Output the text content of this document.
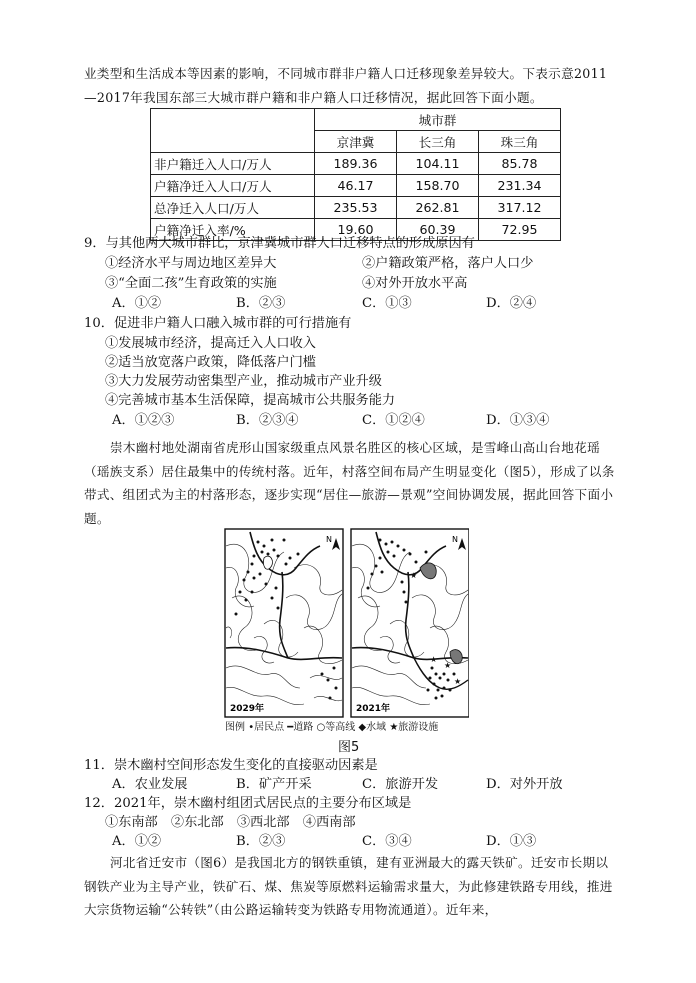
业类型和生活成本等因素的影响，不同城市群非户籍人口迁移现象差异较大。下表示意2011—2017年我国东部三大城市群户籍和非户籍人口迁移情况，据此回答下面小题。
	城市群		
	京津冀	长三角	珠三角
非户籍迁入人口/万人	189.36	104.11	85.78
户籍净迁入人口/万人	46.17	158.70	231.34
总净迁入人口/万人	235.53	262.81	317.12
户籍净迁入率/%	19.60	60.39	72.95
9．与其他两大城市群比，京津冀城市群人口迁移特点的形成原因有
①经济水平与周边地区差异大	②户籍政策严格，落户人口少
③“全面二孩”生育政策的实施	④对外开放水平高
A．①②	B．②③	C．①③	D．②④
10．促进非户籍人口融入城市群的可行措施有
①发展城市经济，提高迁入人口收入
②适当放宽落户政策，降低落户门槛
③大力发展劳动密集型产业，推动城市产业升级
④完善城市基本生活保障，提高城市公共服务能力
A．①②③	B．②③④	C．①②④	D．①③④
崇木幽村地处湖南省虎形山国家级重点风景名胜区的核心区域，是雪峰山高山台地花瑶（瑶族支系）居住最集中的传统村落。近年，村落空间布局产生明显变化（图5），形成了以条带式、组团式为主的村落形态，逐步实现“居住—旅游—景观”空间协调发展，据此回答下面小题。
N
2029年
★
★
★
★
N
2021年
图例 •居民点 ━道路 ○等高线 ◆水域 ★旅游设施
图5
11．崇木幽村空间形态发生变化的直接驱动因素是
A．农业发展	B．矿产开采	C．旅游开发	D．对外开放
12．2021年，崇木幽村组团式居民点的主要分布区域是
①东南部　②东北部　③西北部　④西南部
A．①②	B．②③	C．③④	D．①③
河北省迁安市（图6）是我国北方的钢铁重镇，建有亚洲最大的露天铁矿。迁安市长期以钢铁产业为主导产业，铁矿石、煤、焦炭等原燃料运输需求量大，为此修建铁路专用线，推进大宗货物运输“公转铁”（由公路运输转变为铁路专用物流通道）。近年来，
